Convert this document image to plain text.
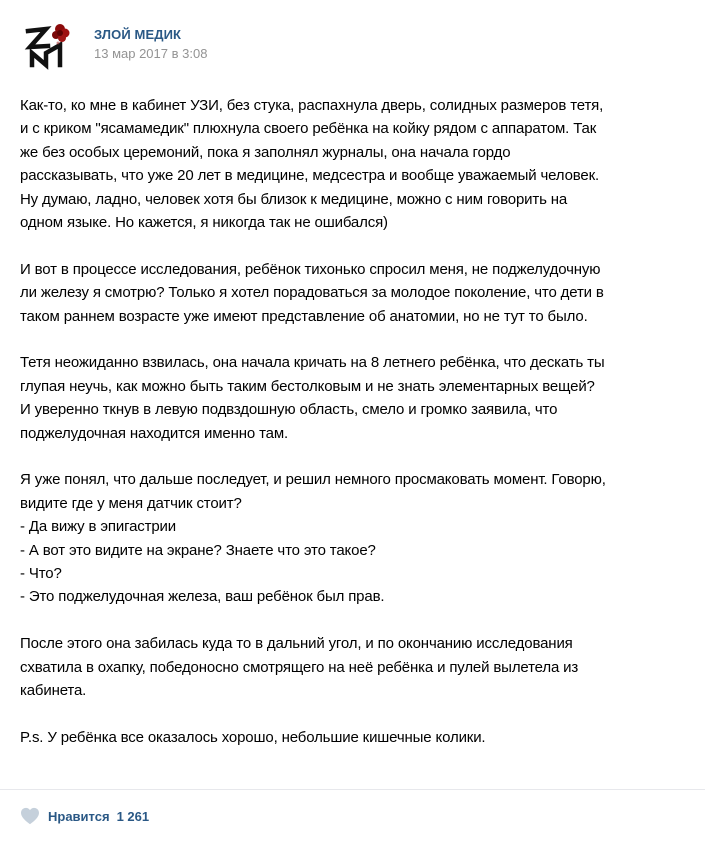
ЗЛОЙ МЕДИК
13 мар 2017 в 3:08
Как-то, ко мне в кабинет УЗИ, без стука, распахнула дверь, солидных размеров тетя,
и с криком "ясамамедик" плюхнула своего ребёнка на койку рядом с аппаратом. Так
же без особых церемоний, пока я заполнял журналы, она начала гордо
рассказывать, что уже 20 лет в медицине, медсестра и вообще уважаемый человек.
Ну думаю, ладно, человек хотя бы близок к медицине, можно с ним говорить на
одном языке. Но кажется, я никогда так не ошибался)
И вот в процессе исследования, ребёнок тихонько спросил меня, не поджелудочную
ли железу я смотрю? Только я хотел порадоваться за молодое поколение, что дети в
таком раннем возрасте уже имеют представление об анатомии, но не тут то было.
Тетя неожиданно взвилась, она начала кричать на 8 летнего ребёнка, что дескать ты
глупая неучь, как можно быть таким бестолковым и не знать элементарных вещей?
И уверенно ткнув в левую подвздошную область, смело и громко заявила, что
поджелудочная находится именно там.
Я уже понял, что дальше последует, и решил немного просмаковать момент. Говорю,
видите где у меня датчик стоит?
- Да вижу в эпигастрии
- А вот это видите на экране? Знаете что это такое?
- Что?
- Это поджелудочная железа, ваш ребёнок был прав.
После этого она забилась куда то в дальний угол, и по окончанию исследования
схватила в охапку, победоносно смотрящего на неё ребёнка и пулей вылетела из
кабинета.
P.s. У ребёнка все оказалось хорошо, небольшие кишечные колики.
Нравится 1 261
